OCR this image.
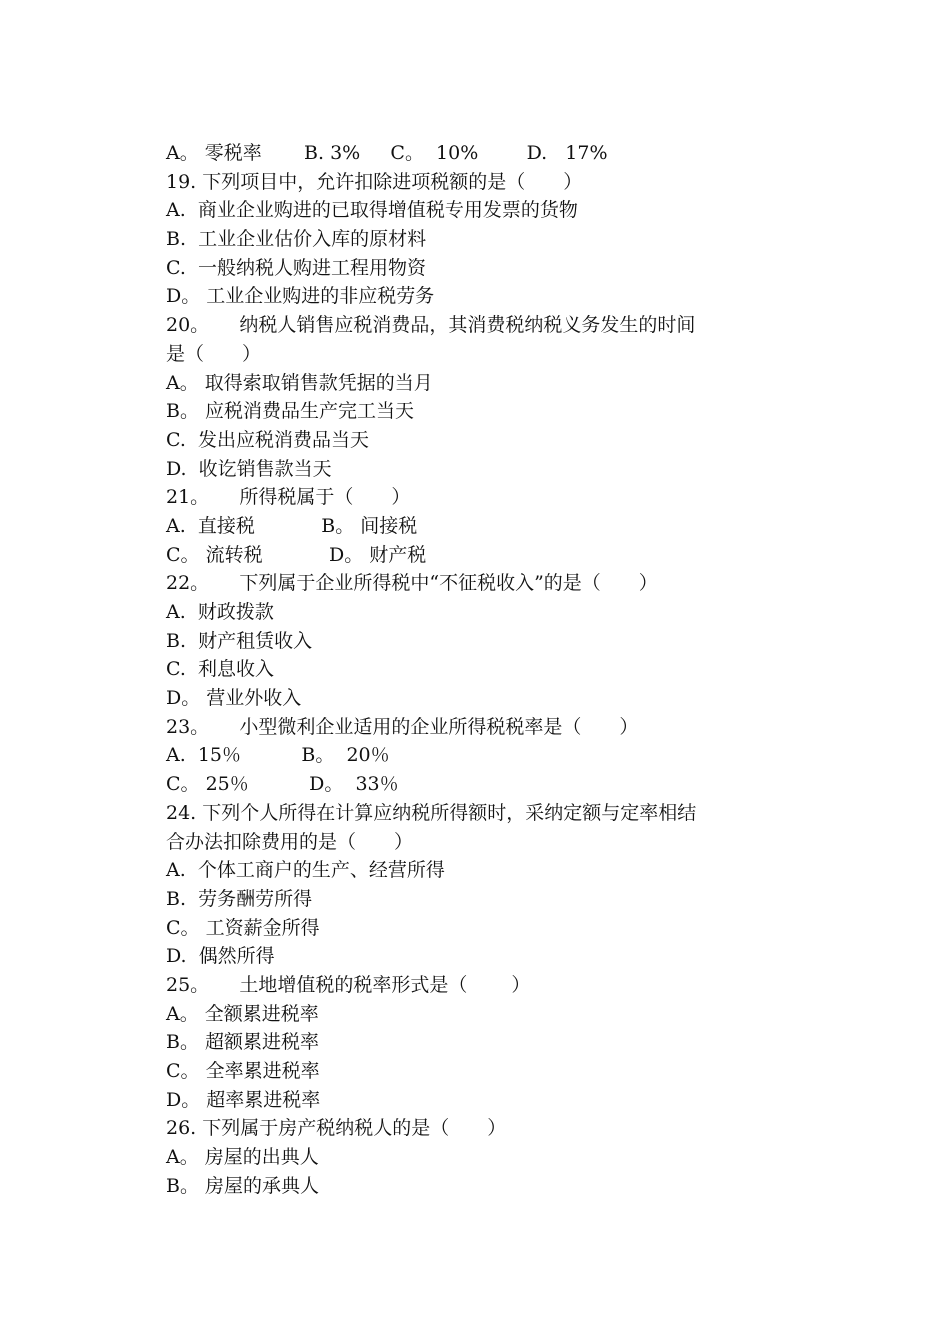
A。 零税率       B. 3%     C。  10%        D.   17%
19. 下列项目中，允许扣除进项税额的是（　　）
A.  商业企业购进的已取得增值税专用发票的货物
B.  工业企业估价入库的原材料
C.  一般纳税人购进工程用物资
D。 工业企业购进的非应税劳务
20。     纳税人销售应税消费品，其消费税纳税义务发生的时间
是（　　）
A。 取得索取销售款凭据的当月
B。 应税消费品生产完工当天
C.  发出应税消费品当天
D.  收讫销售款当天
21。     所得税属于（　　）
A.  直接税           B。 间接税
C。 流转税           D。 财产税
22。     下列属于企业所得税中“不征税收入”的是（　　）
A.  财政拨款
B.  财产租赁收入
C.  利息收入
D。 营业外收入
23。     小型微利企业适用的企业所得税税率是（　　）
A.  15％          B。  20％
C。 25％          D。  33％
24. 下列个人所得在计算应纳税所得额时，采纳定额与定率相结
合办法扣除费用的是（　　）
A.  个体工商户的生产、经营所得
B.  劳务酬劳所得
C。 工资薪金所得
D.  偶然所得
25。     土地增值税的税率形式是（　　 ）
A。 全额累进税率
B。 超额累进税率
C。 全率累进税率
D。 超率累进税率
26. 下列属于房产税纳税人的是（　　）
A。 房屋的出典人
B。 房屋的承典人
